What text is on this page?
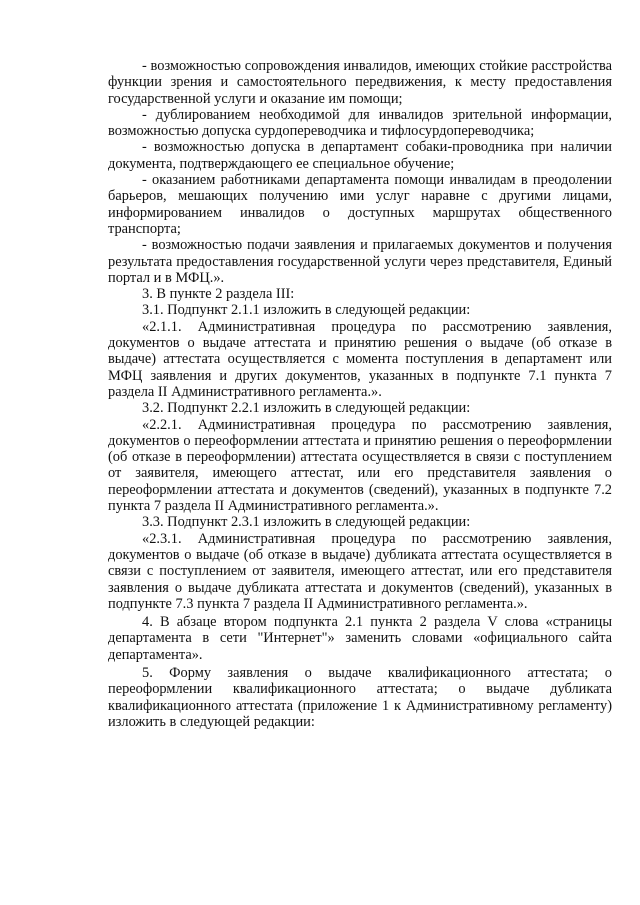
- возможностью сопровождения инвалидов, имеющих стойкие расстройства функции зрения и самостоятельного передвижения, к месту предоставления государственной услуги и оказание им помощи;

- дублированием необходимой для инвалидов зрительной информации, возможностью допуска сурдопереводчика и тифлосурдопереводчика;

- возможностью допуска в департамент собаки-проводника при наличии документа, подтверждающего ее специальное обучение;

- оказанием работниками департамента помощи инвалидам в преодолении барьеров, мешающих получению ими услуг наравне с другими лицами, информированием инвалидов о доступных маршрутах общественного транспорта;

- возможностью подачи заявления и прилагаемых документов и получения результата предоставления государственной услуги через представителя, Единый портал и в МФЦ.».

3. В пункте 2 раздела III:

3.1. Подпункт 2.1.1 изложить в следующей редакции:

«2.1.1. Административная процедура по рассмотрению заявления, документов о выдаче аттестата и принятию решения о выдаче (об отказе в выдаче) аттестата осуществляется с момента поступления в департамент или МФЦ заявления и других документов, указанных в подпункте 7.1 пункта 7 раздела II Административного регламента.».

3.2. Подпункт 2.2.1 изложить в следующей редакции:

«2.2.1. Административная процедура по рассмотрению заявления, документов о переоформлении аттестата и принятию решения о переоформлении (об отказе в переоформлении) аттестата осуществляется в связи с поступлением от заявителя, имеющего аттестат, или его представителя заявления о переоформлении аттестата и документов (сведений), указанных в подпункте 7.2 пункта 7 раздела II Административного регламента.».

3.3. Подпункт 2.3.1 изложить в следующей редакции:

«2.3.1. Административная процедура по рассмотрению заявления, документов о выдаче (об отказе в выдаче) дубликата аттестата осуществляется в связи с поступлением от заявителя, имеющего аттестат, или его представителя заявления о выдаче дубликата аттестата и документов (сведений), указанных в подпункте 7.3 пункта 7 раздела II Административного регламента.».

4. В абзаце втором подпункта 2.1 пункта 2 раздела V слова «страницы департамента в сети "Интернет"» заменить словами «официального сайта департамента».

5. Форму заявления о выдаче квалификационного аттестата; о переоформлении квалификационного аттестата; о выдаче дубликата квалификационного аттестата (приложение 1 к Административному регламенту) изложить в следующей редакции:
